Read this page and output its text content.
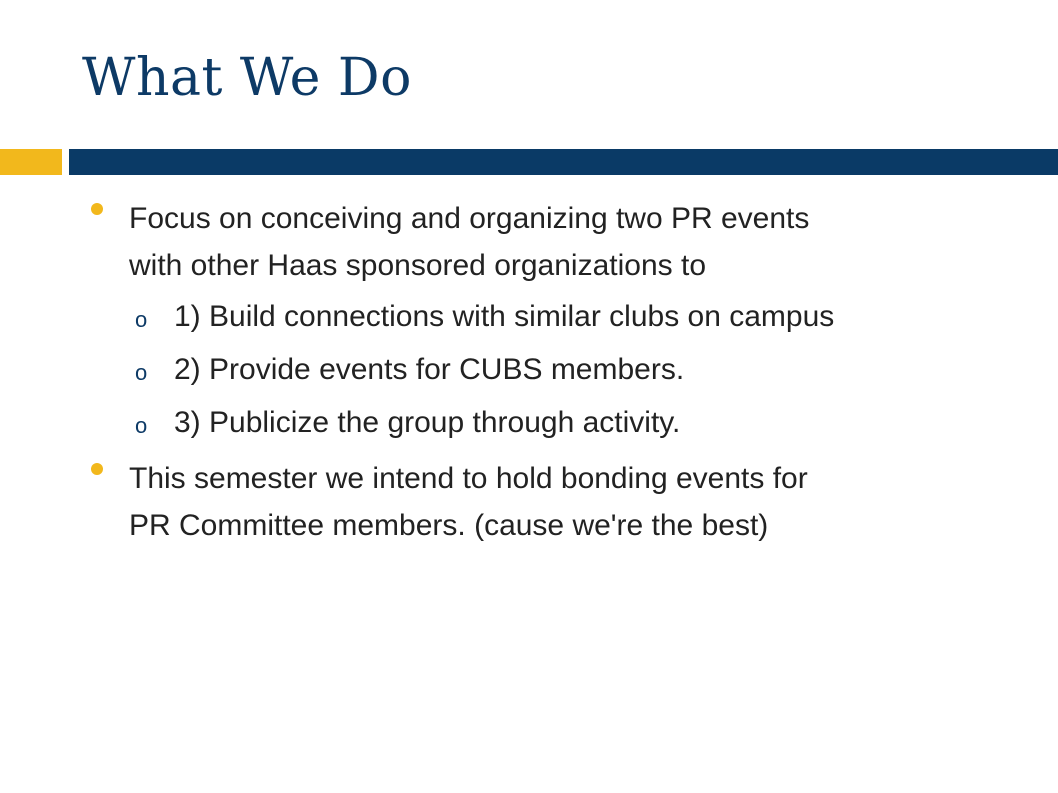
What We Do
Focus on conceiving and organizing two PR events
with other Haas sponsored organizations to
o 1) Build connections with similar clubs on campus
o 2) Provide events for CUBS members.
o 3) Publicize the group through activity.
This semester we intend to hold bonding events for
PR Committee members. (cause we're the best)
